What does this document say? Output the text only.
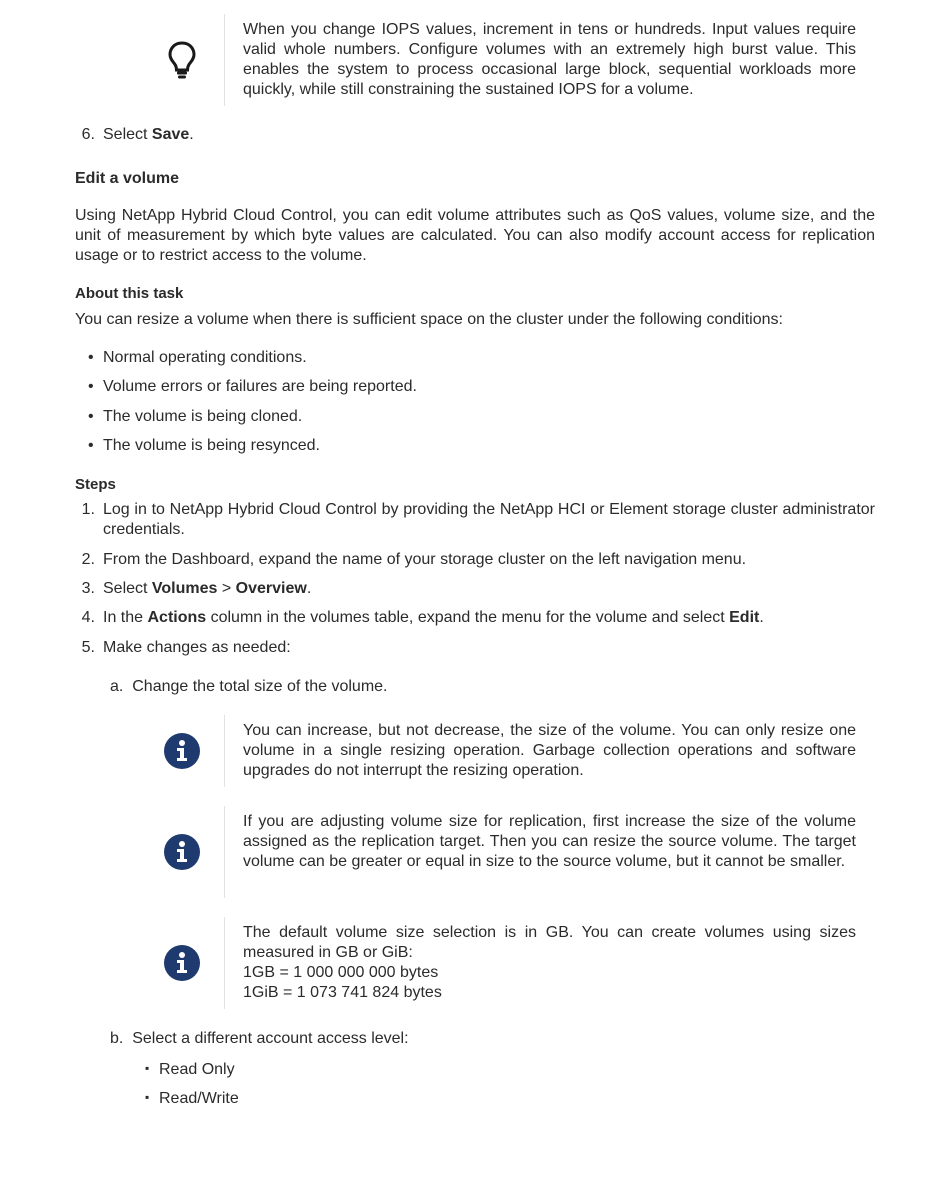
When you change IOPS values, increment in tens or hundreds. Input values require valid whole numbers. Configure volumes with an extremely high burst value. This enables the system to process occasional large block, sequential workloads more quickly, while still constraining the sustained IOPS for a volume.
6. Select Save.
Edit a volume
Using NetApp Hybrid Cloud Control, you can edit volume attributes such as QoS values, volume size, and the unit of measurement by which byte values are calculated. You can also modify account access for replication usage or to restrict access to the volume.
About this task
You can resize a volume when there is sufficient space on the cluster under the following conditions:
• Normal operating conditions.
• Volume errors or failures are being reported.
• The volume is being cloned.
• The volume is being resynced.
Steps
1. Log in to NetApp Hybrid Cloud Control by providing the NetApp HCI or Element storage cluster administrator credentials.
2. From the Dashboard, expand the name of your storage cluster on the left navigation menu.
3. Select Volumes > Overview.
4. In the Actions column in the volumes table, expand the menu for the volume and select Edit.
5. Make changes as needed:
a. Change the total size of the volume.
You can increase, but not decrease, the size of the volume. You can only resize one volume in a single resizing operation. Garbage collection operations and software upgrades do not interrupt the resizing operation.
If you are adjusting volume size for replication, first increase the size of the volume assigned as the replication target. Then you can resize the source volume. The target volume can be greater or equal in size to the source volume, but it cannot be smaller.
The default volume size selection is in GB. You can create volumes using sizes measured in GB or GiB:
1GB = 1 000 000 000 bytes
1GiB = 1 073 741 824 bytes
b. Select a different account access level:
▪ Read Only
▪ Read/Write
